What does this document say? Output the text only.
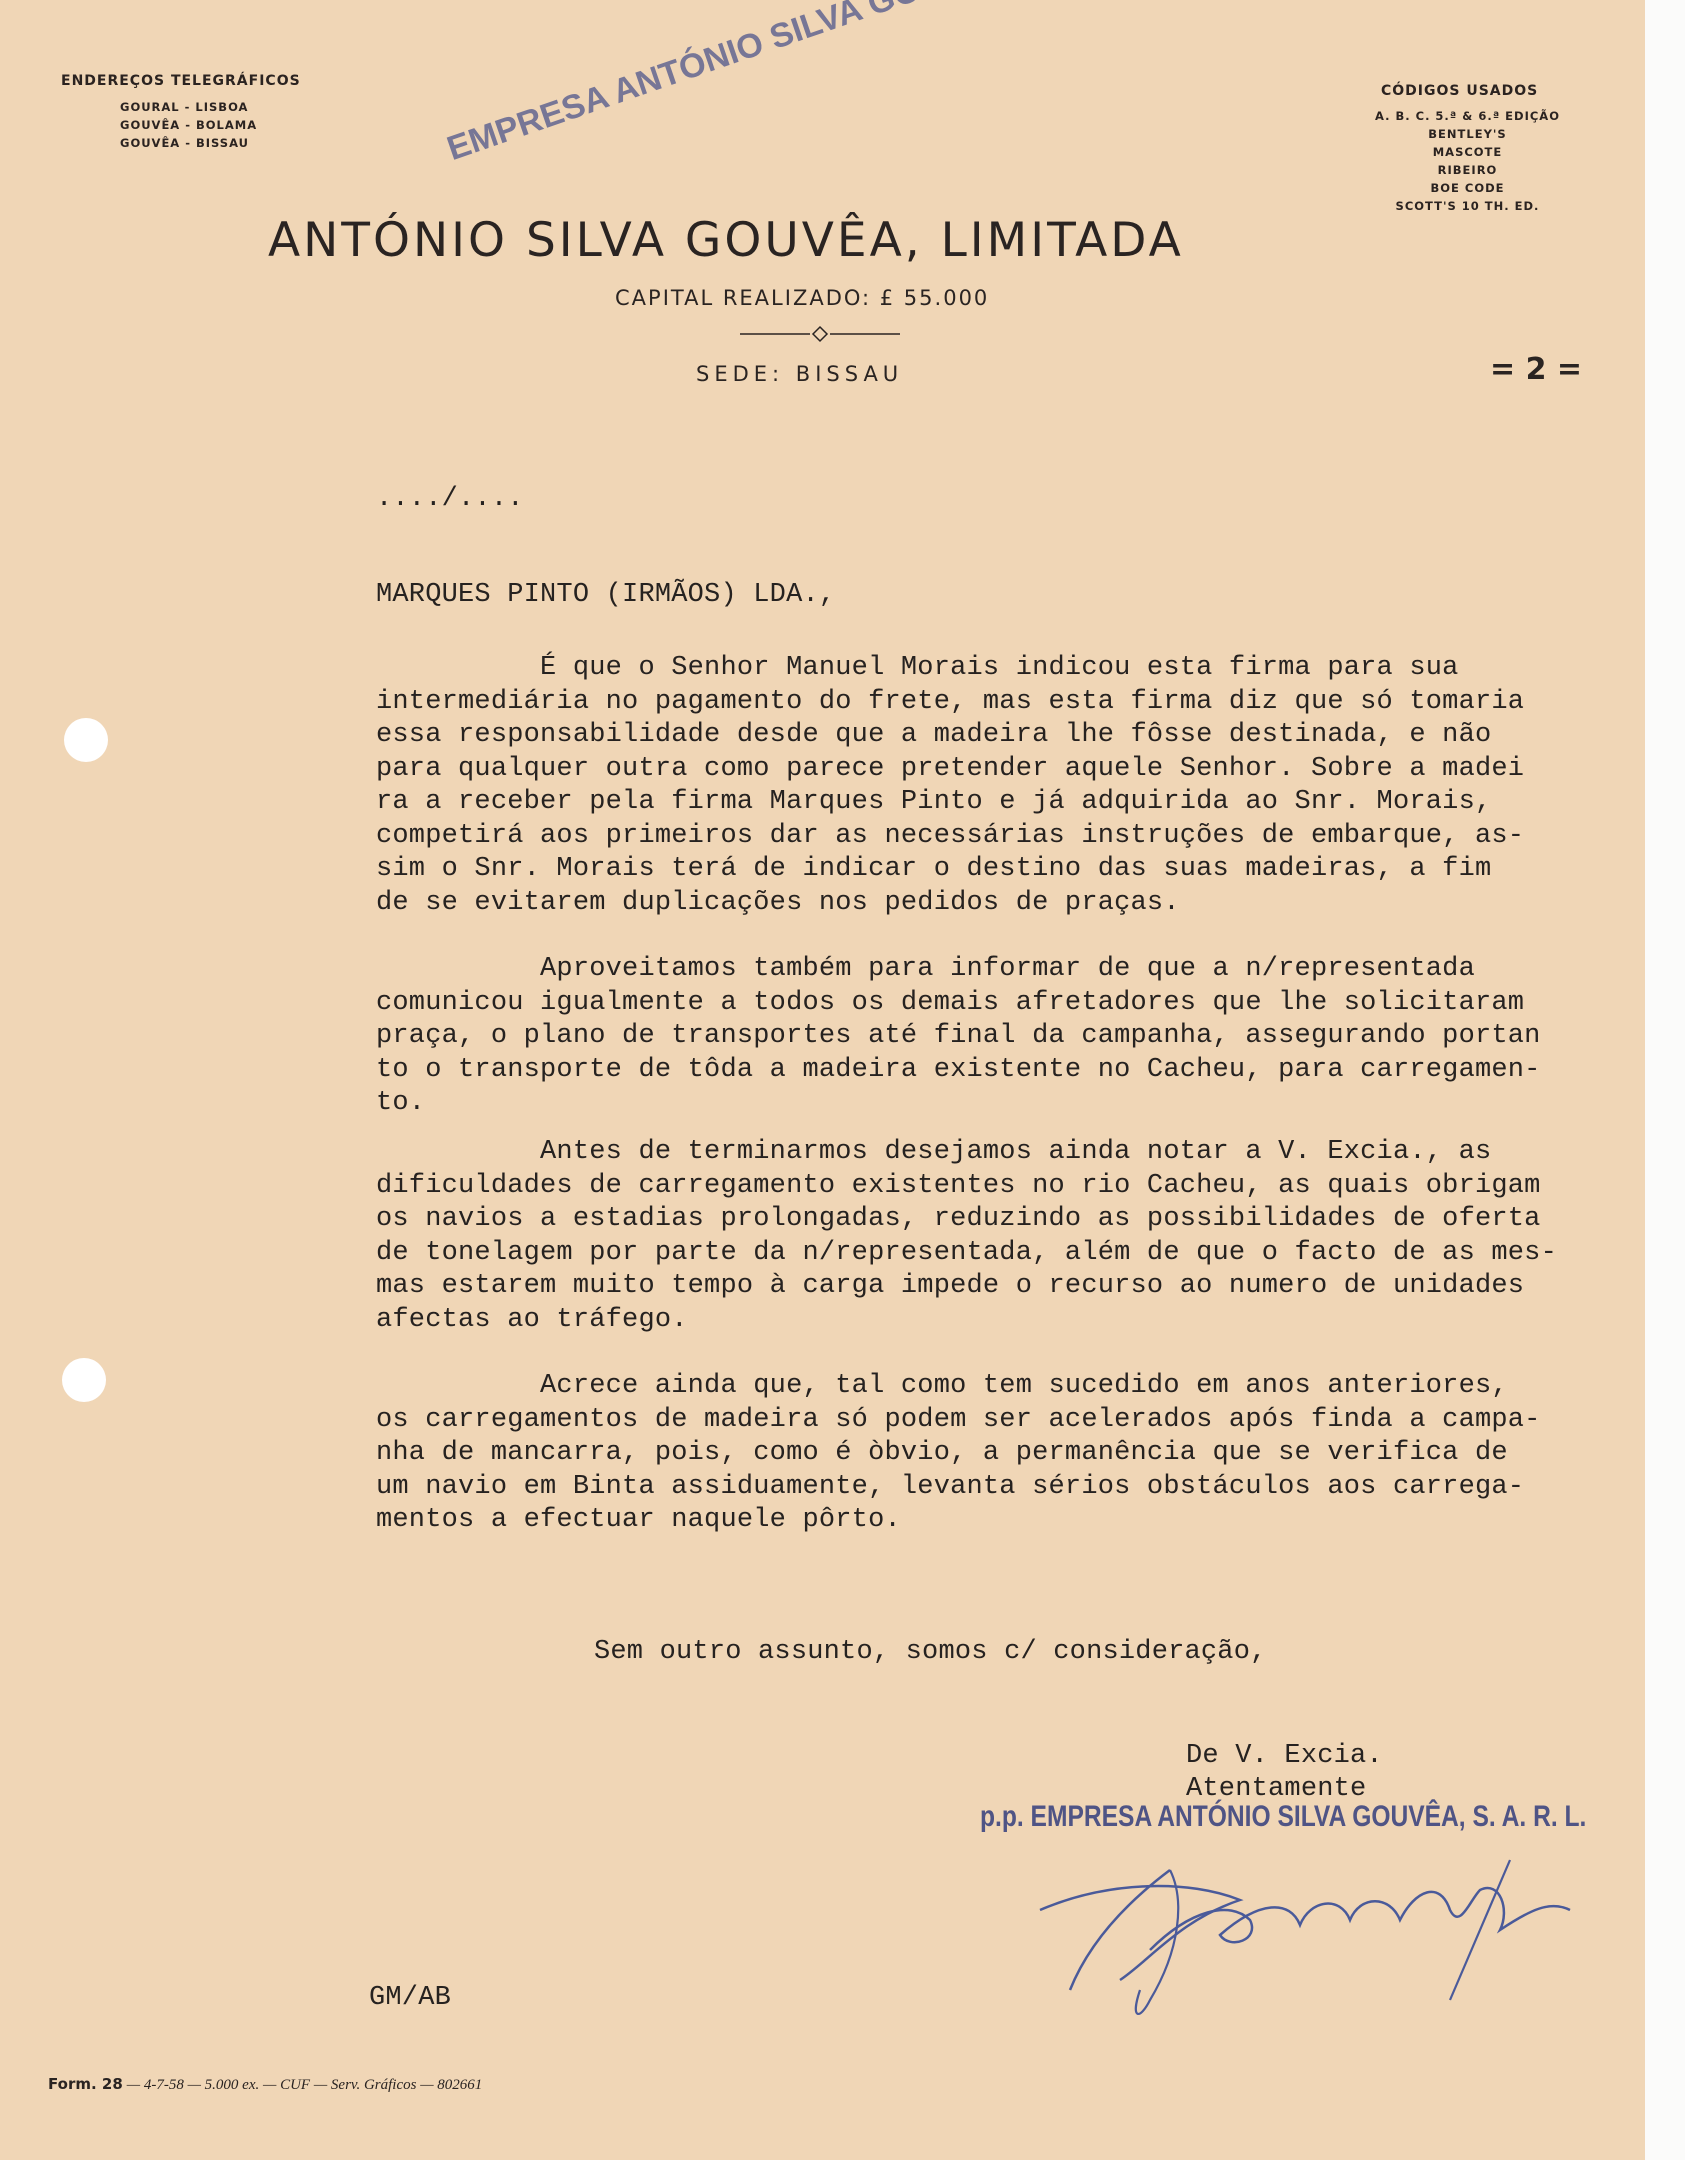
ENDEREÇOS TELEGRÁFICOS
GOURAL - LISBOA
GOUVÊA - BOLAMA
GOUVÊA - BISSAU
CÓDIGOS USADOS
A. B. C. 5.ª & 6.ª EDIÇÃO
BENTLEY'S
MASCOTE
RIBEIRO
BOE CODE
SCOTT'S 10 TH. ED.
ANTÓNIO SILVA GOUVÊA, LIMITADA
CAPITAL REALIZADO: £ 55.000
SEDE: BISSAU	= 2 =
..../....
MARQUES PINTO (IRMÃOS) LDA.,
É que o Senhor Manuel Morais indicou esta firma para sua
intermediária no pagamento do frete, mas esta firma diz que só tomaria
essa responsabilidade desde que a madeira lhe fôsse destinada, e não
para qualquer outra como parece pretender aquele Senhor. Sobre a madei
ra a receber pela firma Marques Pinto e já adquirida ao Snr. Morais,
competirá aos primeiros dar as necessárias instruções de embarque, as-
sim o Snr. Morais terá de indicar o destino das suas madeiras, a fim
de se evitarem duplicações nos pedidos de praças.
Aproveitamos também para informar de que a n/representada
comunicou igualmente a todos os demais afretadores que lhe solicitaram
praça, o plano de transportes até final da campanha, assegurando portan
to o transporte de tôda a madeira existente no Cacheu, para carregamen-
to.
Antes de terminarmos desejamos ainda notar a V. Excia., as
dificuldades de carregamento existentes no rio Cacheu, as quais obrigam
os navios a estadias prolongadas, reduzindo as possibilidades de oferta
de tonelagem por parte da n/representada, além de que o facto de as mes-
mas estarem muito tempo à carga impede o recurso ao numero de unidades
afectas ao tráfego.
Acrece ainda que, tal como tem sucedido em anos anteriores,
os carregamentos de madeira só podem ser acelerados após finda a campa-
nha de mancarra, pois, como é òbvio, a permanência que se verifica de
um navio em Binta assiduamente, levanta sérios obstáculos aos carrega-
mentos a efectuar naquele pôrto.
Sem outro assunto, somos c/ consideração,
De V. Excia.
Atentamente
p.p. EMPRESA ANTÓNIO SILVA GOUVÊA, S. A. R. L.
GM/AB
Form. 28 — 4-7-58 — 5.000 ex. — CUF — Serv. Gráficos — 802661
